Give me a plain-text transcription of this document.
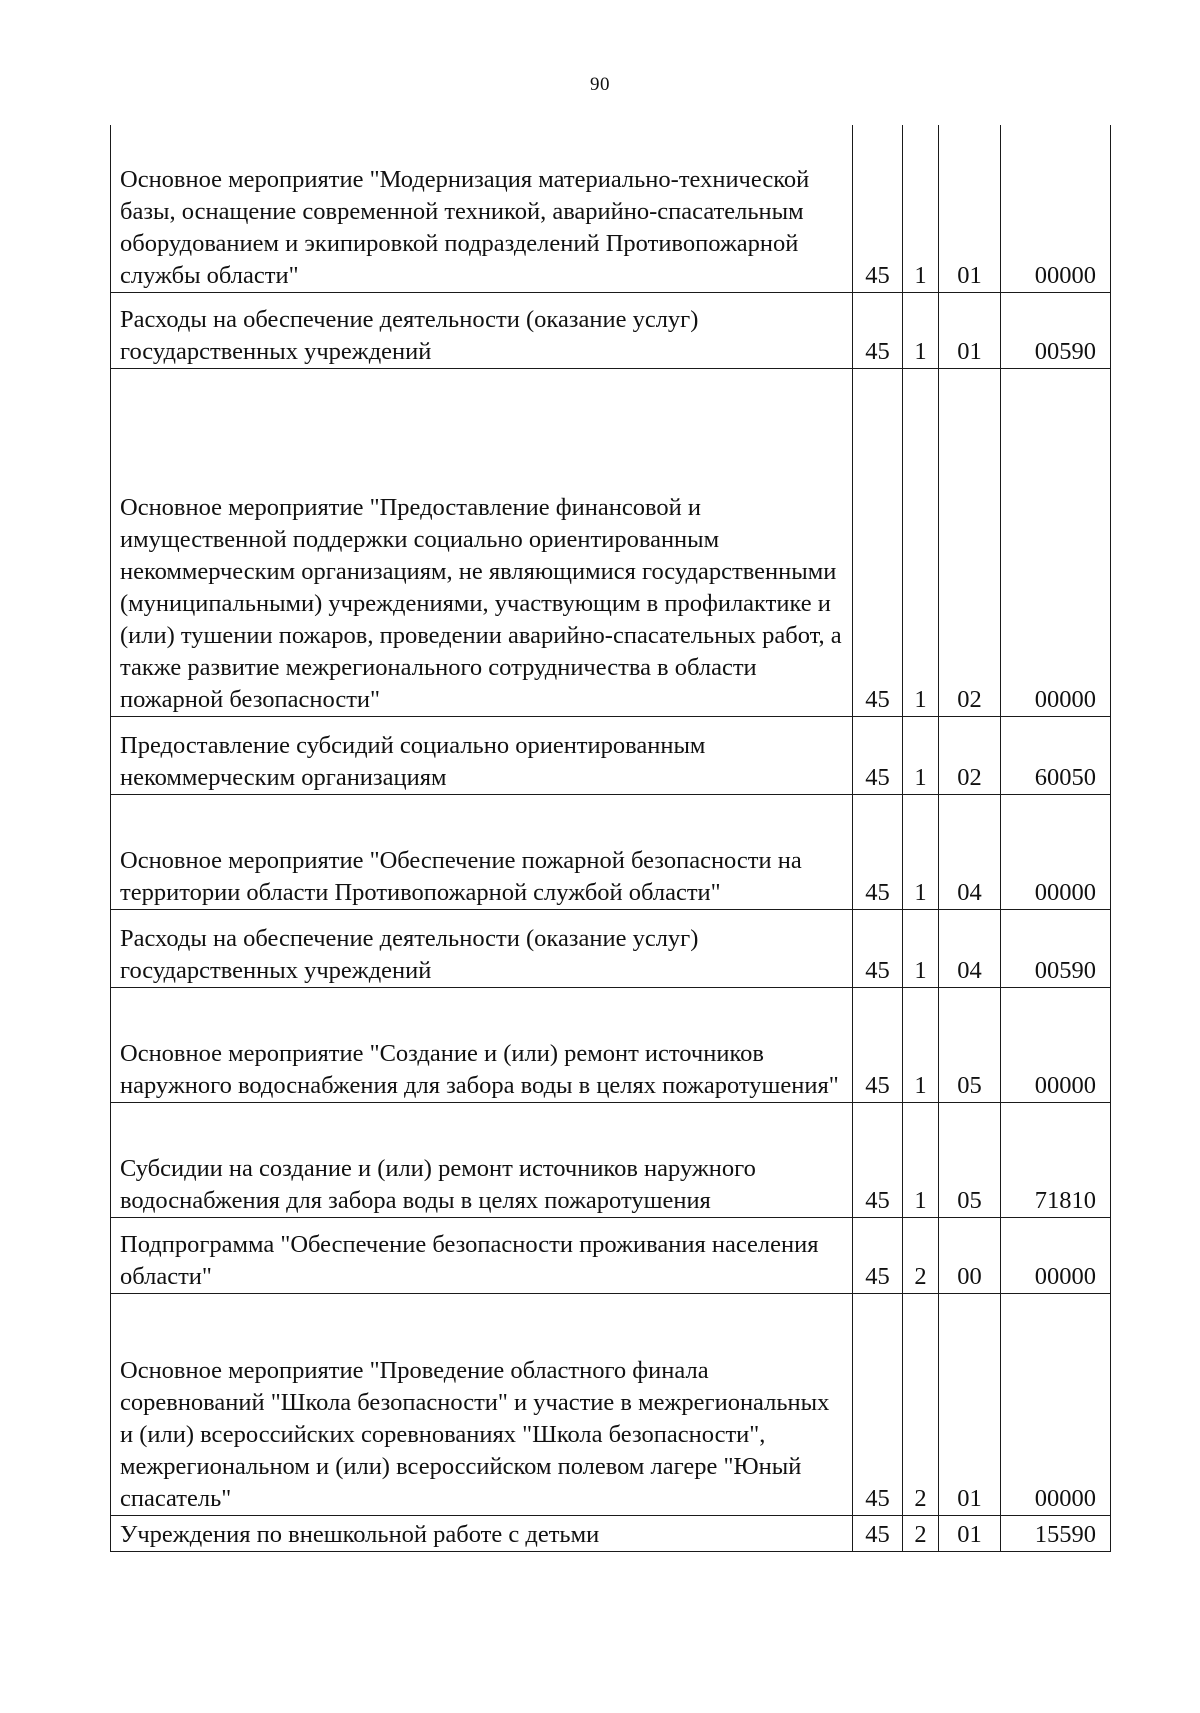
90
Основное мероприятие "Модернизация материально-технической базы, оснащение современной техникой, аварийно-спасательным оборудованием и экипировкой подразделений Противопожарной службы области"	45	1	01	00000

Расходы на обеспечение деятельности (оказание услуг) государственных учреждений	45	1	01	00590

Основное мероприятие "Предоставление финансовой и имущественной поддержки социально ориентированным некоммерческим организациям, не являющимися государственными (муниципальными) учреждениями, участвующим в профилактике и (или) тушении пожаров, проведении аварийно-спасательных работ, а также развитие межрегионального сотрудничества в области пожарной безопасности"	45	1	02	00000

Предоставление субсидий социально ориентированным некоммерческим организациям	45	1	02	60050

Основное мероприятие "Обеспечение пожарной безопасности на территории области Противопожарной службой области"	45	1	04	00000

Расходы на обеспечение деятельности (оказание услуг) государственных учреждений	45	1	04	00590

Основное мероприятие "Создание и (или) ремонт источников наружного водоснабжения для забора воды в целях пожаротушения"	45	1	05	00000

Субсидии на создание и (или) ремонт источников наружного водоснабжения для забора воды в целях пожаротушения	45	1	05	71810

Подпрограмма "Обеспечение безопасности проживания населения области"	45	2	00	00000

Основное мероприятие "Проведение областного финала соревнований "Школа безопасности" и участие в межрегиональных и (или) всероссийских соревнованиях "Школа безопасности", межрегиональном и (или) всероссийском полевом лагере "Юный спасатель"	45	2	01	00000

Учреждения по внешкольной работе с детьми	45	2	01	15590
